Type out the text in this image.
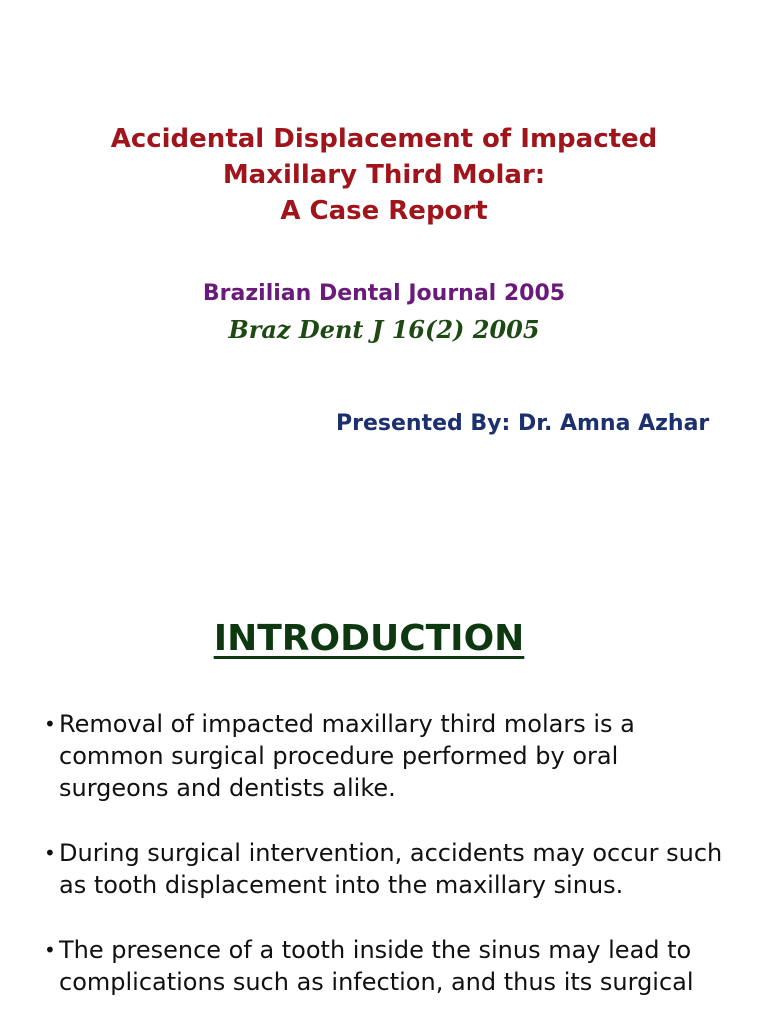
Accidental Displacement of Impacted
Maxillary Third Molar:
A Case Report
Brazilian Dental Journal 2005
Braz Dent J 16(2) 2005
Presented By: Dr. Amna Azhar
INTRODUCTION
• Removal of impacted maxillary third molars is a common surgical procedure performed by oral surgeons and dentists alike.
• During surgical intervention, accidents may occur such as tooth displacement into the maxillary sinus.
• The presence of a tooth inside the sinus may lead to complications such as infection, and thus its surgical
